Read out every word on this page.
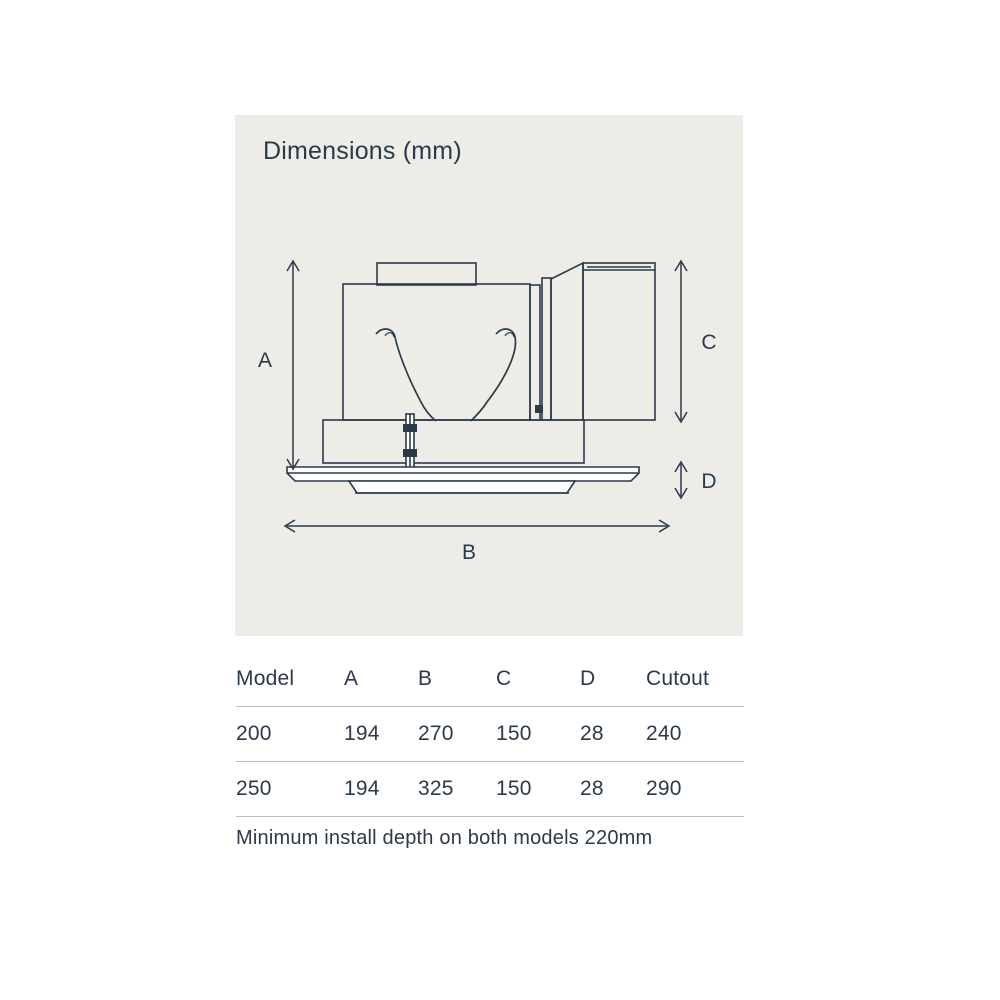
Dimensions (mm)
A
C
D
B
Model	A	B	C	D	Cutout
200	194	270	150	28	240
250	194	325	150	28	290
Minimum install depth on both models 220mm
